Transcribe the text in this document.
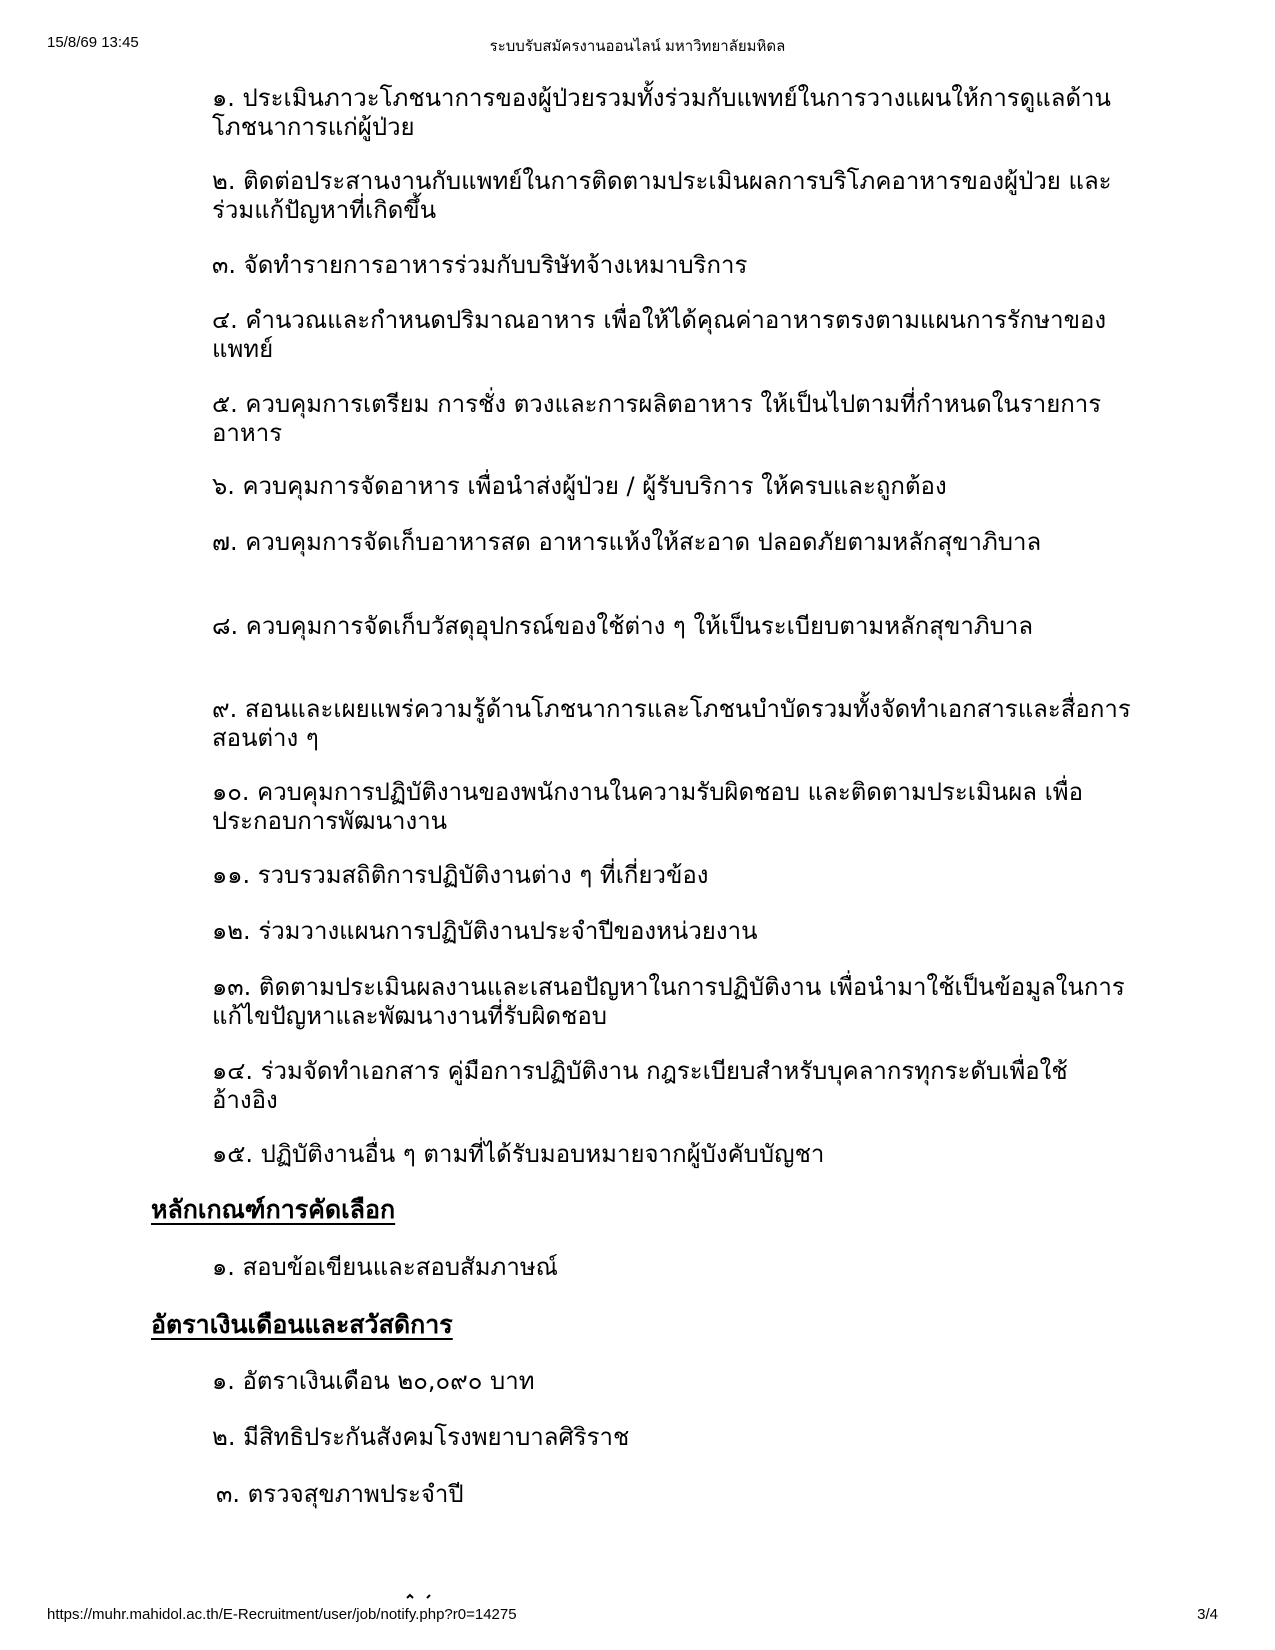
15/8/69 13:45	ระบบรับสมัครงานออนไลน์ มหาวิทยาลัยมหิดล
๑. ประเมินภาวะโภชนาการของผู้ป่วยรวมทั้งร่วมกับแพทย์ในการวางแผนให้การดูแลด้านโภชนาการแก่ผู้ป่วย
๒. ติดต่อประสานงานกับแพทย์ในการติดตามประเมินผลการบริโภคอาหารของผู้ป่วย และร่วมแก้ปัญหาที่เกิดขึ้น
๓. จัดทำรายการอาหารร่วมกับบริษัทจ้างเหมาบริการ
๔. คำนวณและกำหนดปริมาณอาหาร เพื่อให้ได้คุณค่าอาหารตรงตามแผนการรักษาของแพทย์
๕. ควบคุมการเตรียม การชั่ง ตวงและการผลิตอาหาร ให้เป็นไปตามที่กำหนดในรายการอาหาร
๖. ควบคุมการจัดอาหาร เพื่อนำส่งผู้ป่วย / ผู้รับบริการ ให้ครบและถูกต้อง
๗. ควบคุมการจัดเก็บอาหารสด อาหารแห้งให้สะอาด ปลอดภัยตามหลักสุขาภิบาล
๘. ควบคุมการจัดเก็บวัสดุอุปกรณ์ของใช้ต่าง ๆ ให้เป็นระเบียบตามหลักสุขาภิบาล
๙. สอนและเผยแพร่ความรู้ด้านโภชนาการและโภชนบำบัดรวมทั้งจัดทำเอกสารและสื่อการสอนต่าง ๆ
๑๐. ควบคุมการปฏิบัติงานของพนักงานในความรับผิดชอบ และติดตามประเมินผล เพื่อประกอบการพัฒนางาน
๑๑. รวบรวมสถิติการปฏิบัติงานต่าง ๆ ที่เกี่ยวข้อง
๑๒. ร่วมวางแผนการปฏิบัติงานประจำปีของหน่วยงาน
๑๓. ติดตามประเมินผลงานและเสนอปัญหาในการปฏิบัติงาน เพื่อนำมาใช้เป็นข้อมูลในการแก้ไขปัญหาและพัฒนางานที่รับผิดชอบ
๑๔. ร่วมจัดทำเอกสาร คู่มือการปฏิบัติงาน กฎระเบียบสำหรับบุคลากรทุกระดับเพื่อใช้อ้างอิง
๑๕. ปฏิบัติงานอื่น ๆ ตามที่ได้รับมอบหมายจากผู้บังคับบัญชา
หลักเกณฑ์การคัดเลือก
๑. สอบข้อเขียนและสอบสัมภาษณ์
อัตราเงินเดือนและสวัสดิการ
๑. อัตราเงินเดือน ๒๐,๐๙๐ บาท
๒. มีสิทธิประกันสังคมโรงพยาบาลศิริราช
๓. ตรวจสุขภาพประจำปี
https://muhr.mahidol.ac.th/E-Recruitment/user/job/notify.php?r0=14275	3/4
